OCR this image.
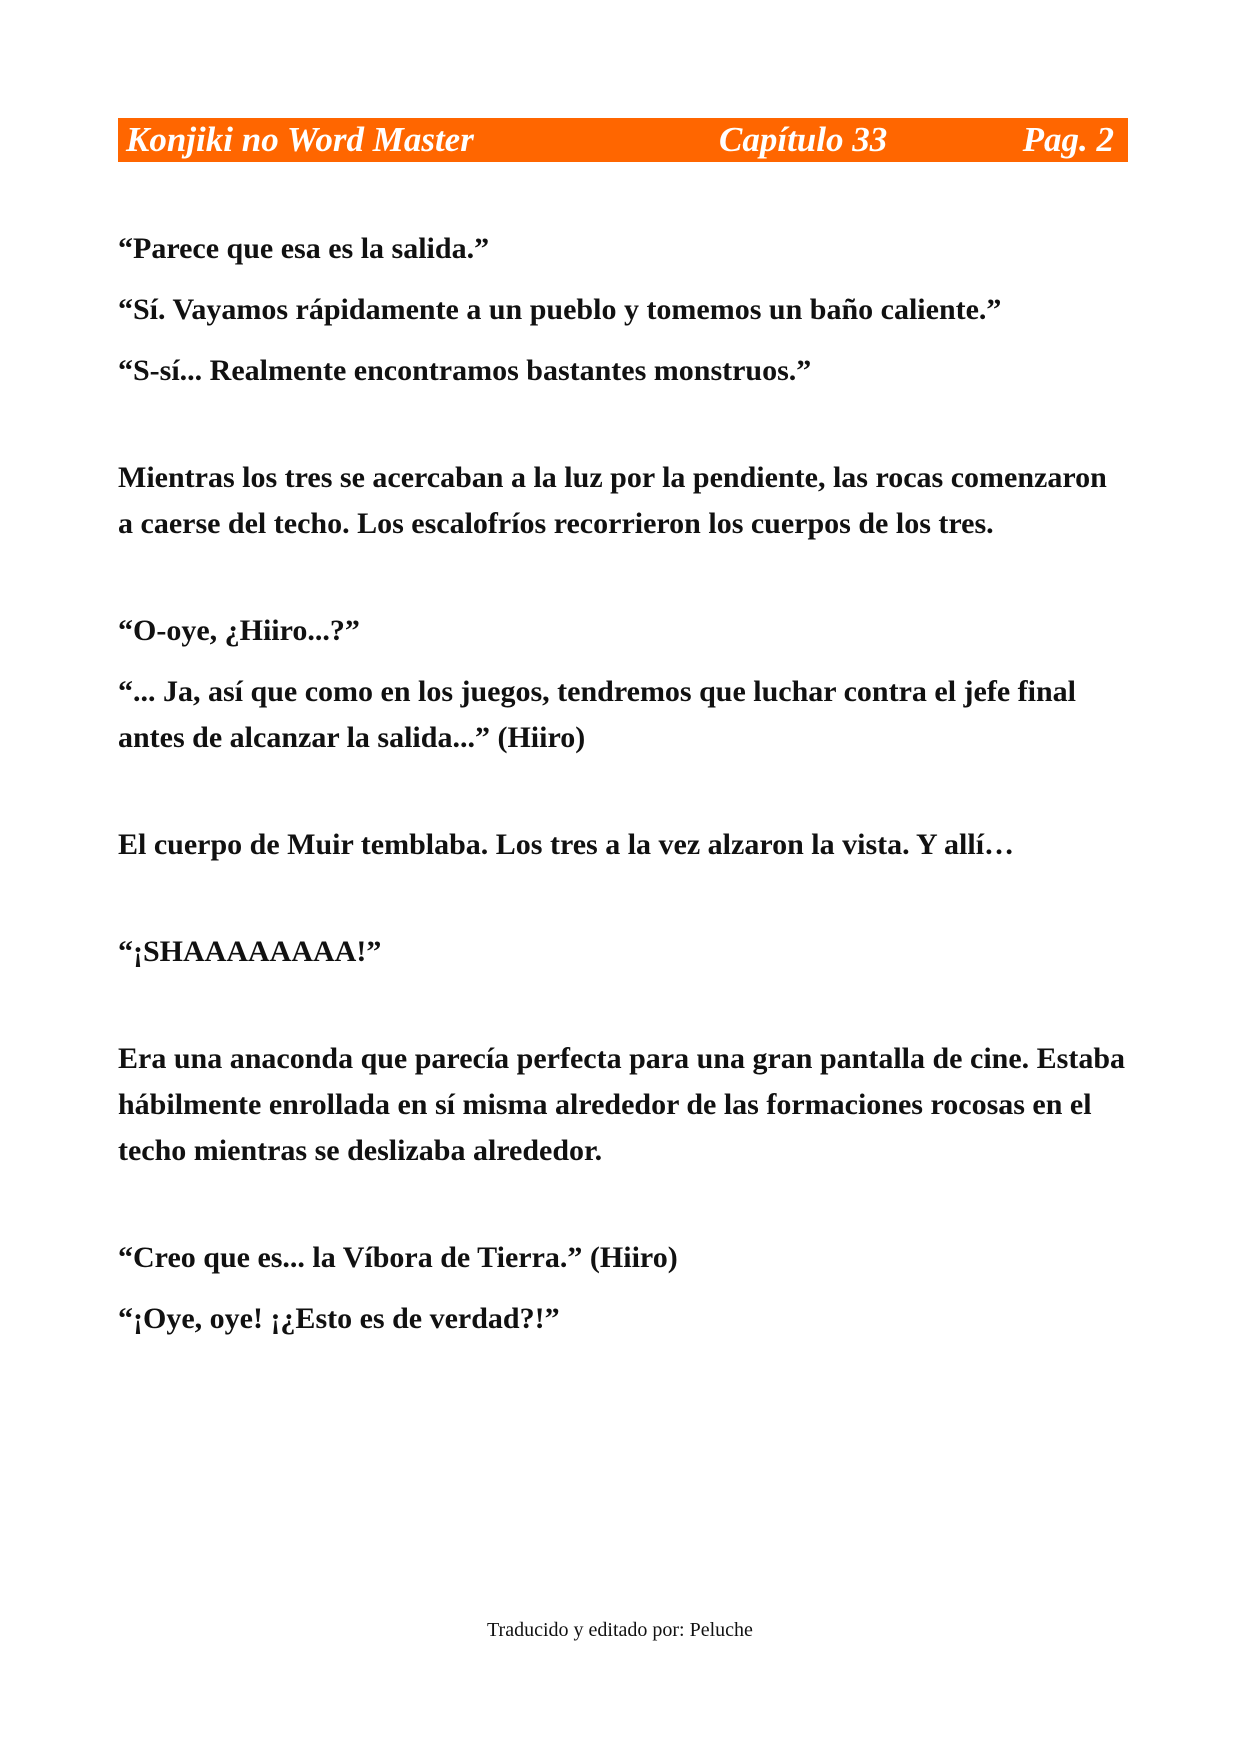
Konjiki no Word Master	Capítulo 33	Pag. 2

“Parece que esa es la salida.”

“Sí. Vayamos rápidamente a un pueblo y tomemos un baño caliente.”

“S-sí... Realmente encontramos bastantes monstruos.”

Mientras los tres se acercaban a la luz por la pendiente, las rocas comenzaron a caerse del techo. Los escalofríos recorrieron los cuerpos de los tres.

“O-oye, ¿Hiiro...?”

“... Ja, así que como en los juegos, tendremos que luchar contra el jefe final antes de alcanzar la salida...” (Hiiro)

El cuerpo de Muir temblaba. Los tres a la vez alzaron la vista. Y allí…

“¡SHAAAAAAAA!”

Era una anaconda que parecía perfecta para una gran pantalla de cine. Estaba hábilmente enrollada en sí misma alrededor de las formaciones rocosas en el techo mientras se deslizaba alrededor.

“Creo que es... la Víbora de Tierra.” (Hiiro)

“¡Oye, oye! ¡¿Esto es de verdad?!”

Traducido y editado por: Peluche
